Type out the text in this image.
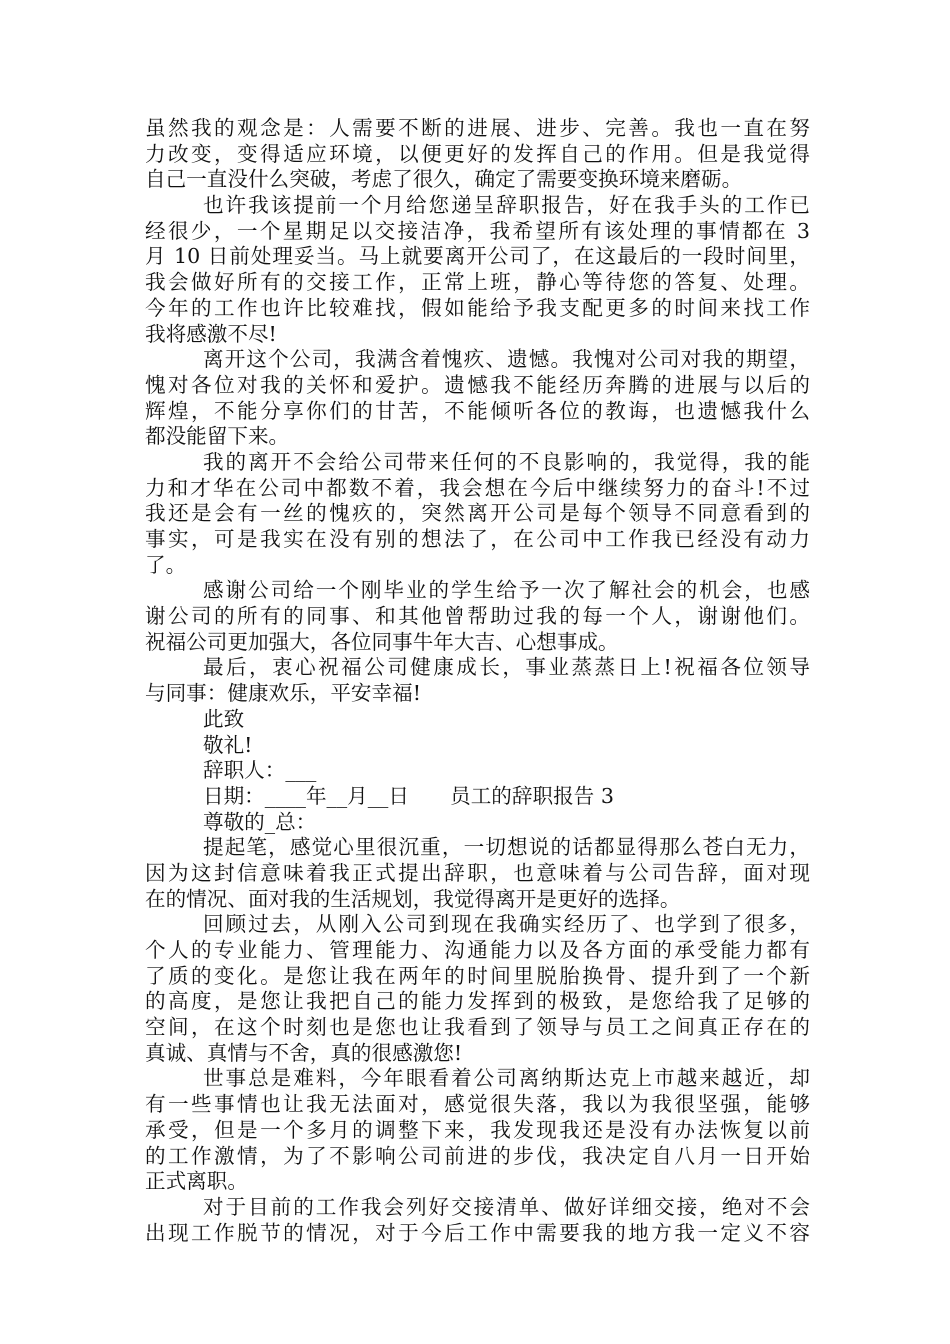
虽然我的观念是：人需要不断的进展、进步、完善。我也一直在努
力改变，变得适应环境，以便更好的发挥自己的作用。但是我觉得
自己一直没什么突破，考虑了很久，确定了需要变换环境来磨砺。
也许我该提前一个月给您递呈辞职报告，好在我手头的工作已
经很少，一个星期足以交接洁净，我希望所有该处理的事情都在 3
月 10 日前处理妥当。马上就要离开公司了，在这最后的一段时间里，
我会做好所有的交接工作，正常上班，静心等待您的答复、处理。
今年的工作也许比较难找，假如能给予我支配更多的时间来找工作
我将感激不尽!
离开这个公司，我满含着愧疚、遗憾。我愧对公司对我的期望，
愧对各位对我的关怀和爱护。遗憾我不能经历奔腾的进展与以后的
辉煌，不能分享你们的甘苦，不能倾听各位的教诲，也遗憾我什么
都没能留下来。
我的离开不会给公司带来任何的不良影响的，我觉得，我的能
力和才华在公司中都数不着，我会想在今后中继续努力的奋斗!不过
我还是会有一丝的愧疚的，突然离开公司是每个领导不同意看到的
事实，可是我实在没有别的想法了，在公司中工作我已经没有动力
了。
感谢公司给一个刚毕业的学生给予一次了解社会的机会，也感
谢公司的所有的同事、和其他曾帮助过我的每一个人，谢谢他们。
祝福公司更加强大，各位同事牛年大吉、心想事成。
最后，衷心祝福公司健康成长，事业蒸蒸日上!祝福各位领导
与同事：健康欢乐，平安幸福!
此致
敬礼!
辞职人：___
日期：____年__月__日　　员工的辞职报告 3
尊敬的_总：
提起笔，感觉心里很沉重，一切想说的话都显得那么苍白无力，
因为这封信意味着我正式提出辞职，也意味着与公司告辞，面对现
在的情况、面对我的生活规划，我觉得离开是更好的选择。
回顾过去，从刚入公司到现在我确实经历了、也学到了很多，
个人的专业能力、管理能力、沟通能力以及各方面的承受能力都有
了质的变化。是您让我在两年的时间里脱胎换骨、提升到了一个新
的高度，是您让我把自己的能力发挥到的极致，是您给我了足够的
空间，在这个时刻也是您也让我看到了领导与员工之间真正存在的
真诚、真情与不舍，真的很感激您!
世事总是难料，今年眼看着公司离纳斯达克上市越来越近，却
有一些事情也让我无法面对，感觉很失落，我以为我很坚强，能够
承受，但是一个多月的调整下来，我发现我还是没有办法恢复以前
的工作激情，为了不影响公司前进的步伐，我决定自八月一日开始
正式离职。
对于目前的工作我会列好交接清单、做好详细交接，绝对不会
出现工作脱节的情况，对于今后工作中需要我的地方我一定义不容
